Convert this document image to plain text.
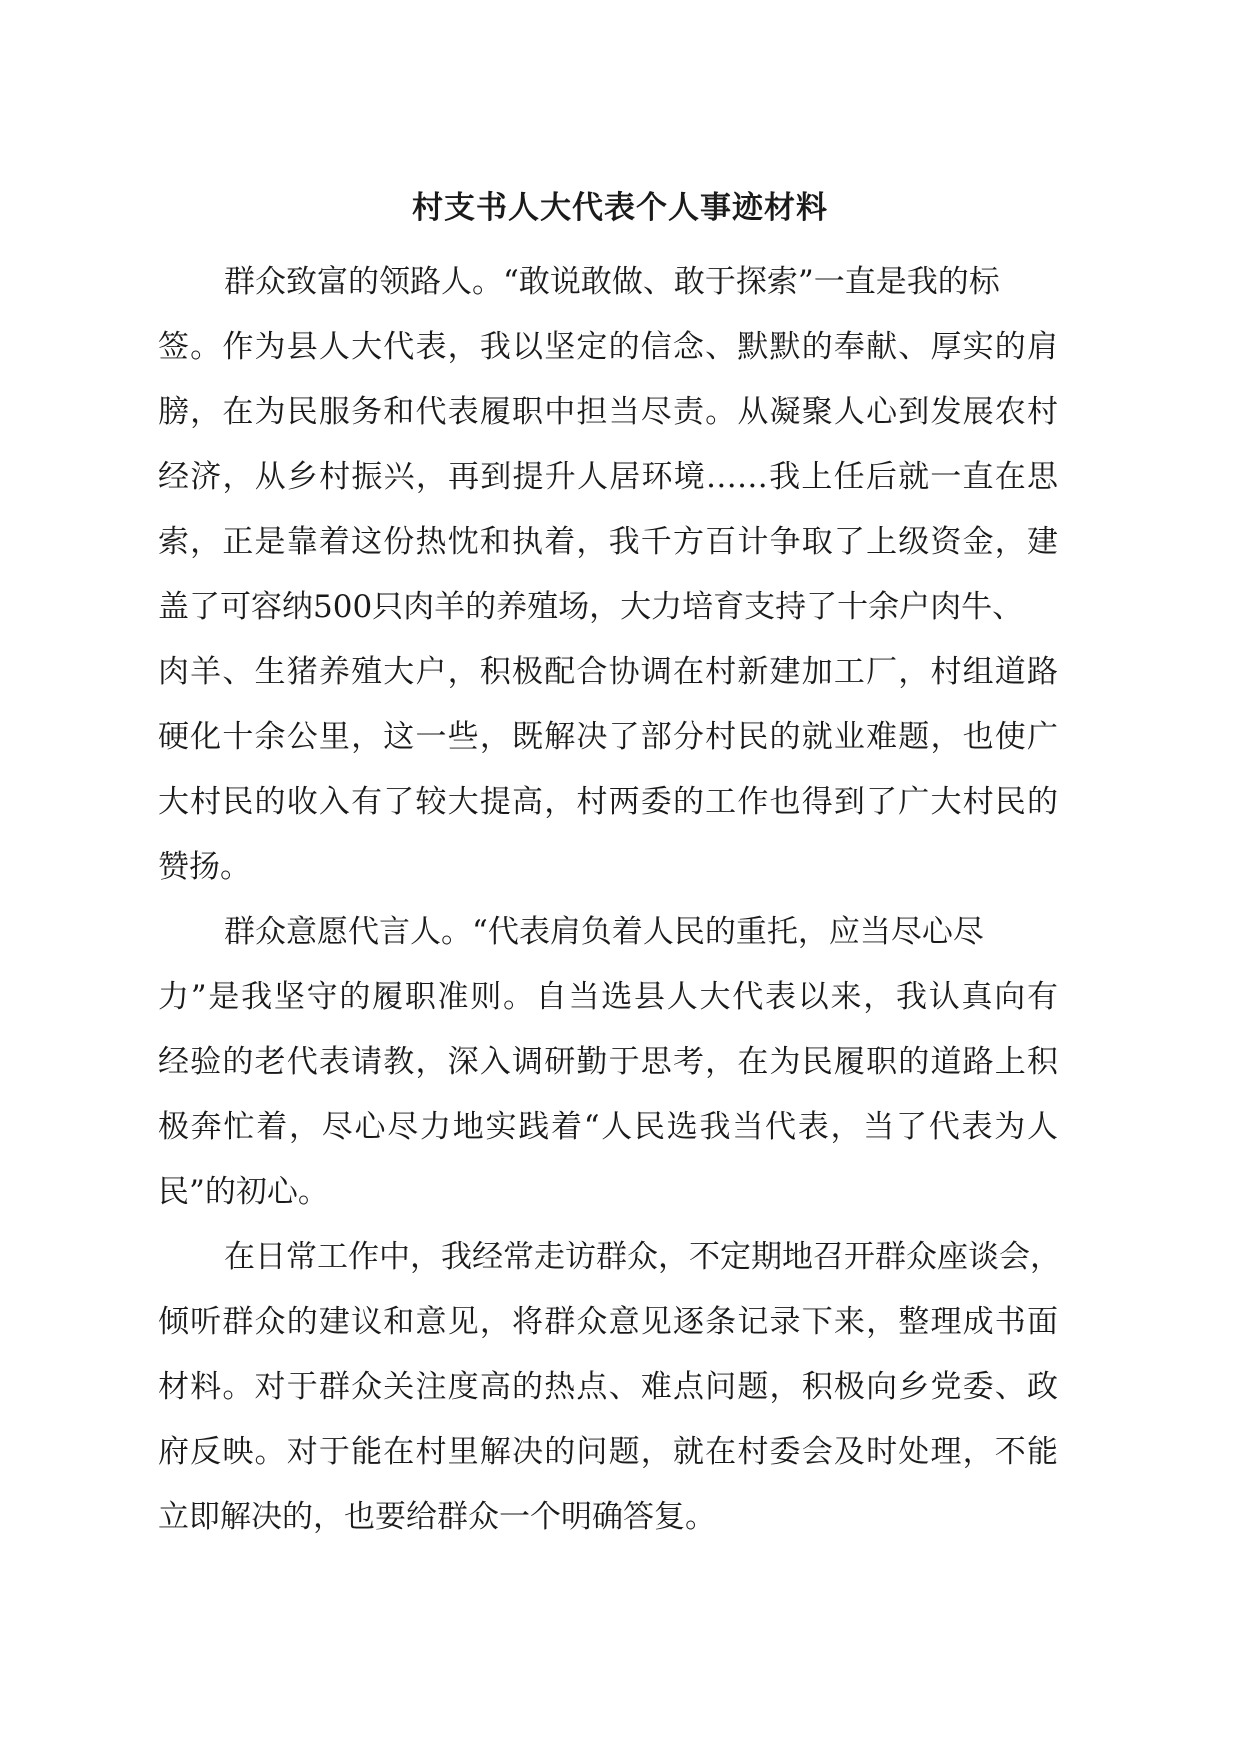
村支书人大代表个人事迹材料
群众致富的领路人。“敢说敢做、敢于探索”一直是我的标
签。作为县人大代表，我以坚定的信念、默默的奉献、厚实的肩
膀，在为民服务和代表履职中担当尽责。从凝聚人心到发展农村
经济，从乡村振兴，再到提升人居环境……我上任后就一直在思
索，正是靠着这份热忱和执着，我千方百计争取了上级资金，建
盖了可容纳500只肉羊的养殖场，大力培育支持了十余户肉牛、
肉羊、生猪养殖大户，积极配合协调在村新建加工厂，村组道路
硬化十余公里，这一些，既解决了部分村民的就业难题，也使广
大村民的收入有了较大提高，村两委的工作也得到了广大村民的
赞扬。
群众意愿代言人。“代表肩负着人民的重托，应当尽心尽
力”是我坚守的履职准则。自当选县人大代表以来，我认真向有
经验的老代表请教，深入调研勤于思考，在为民履职的道路上积
极奔忙着，尽心尽力地实践着“人民选我当代表，当了代表为人
民”的初心。
在日常工作中，我经常走访群众，不定期地召开群众座谈会，
倾听群众的建议和意见，将群众意见逐条记录下来，整理成书面
材料。对于群众关注度高的热点、难点问题，积极向乡党委、政
府反映。对于能在村里解决的问题，就在村委会及时处理，不能
立即解决的，也要给群众一个明确答复。
